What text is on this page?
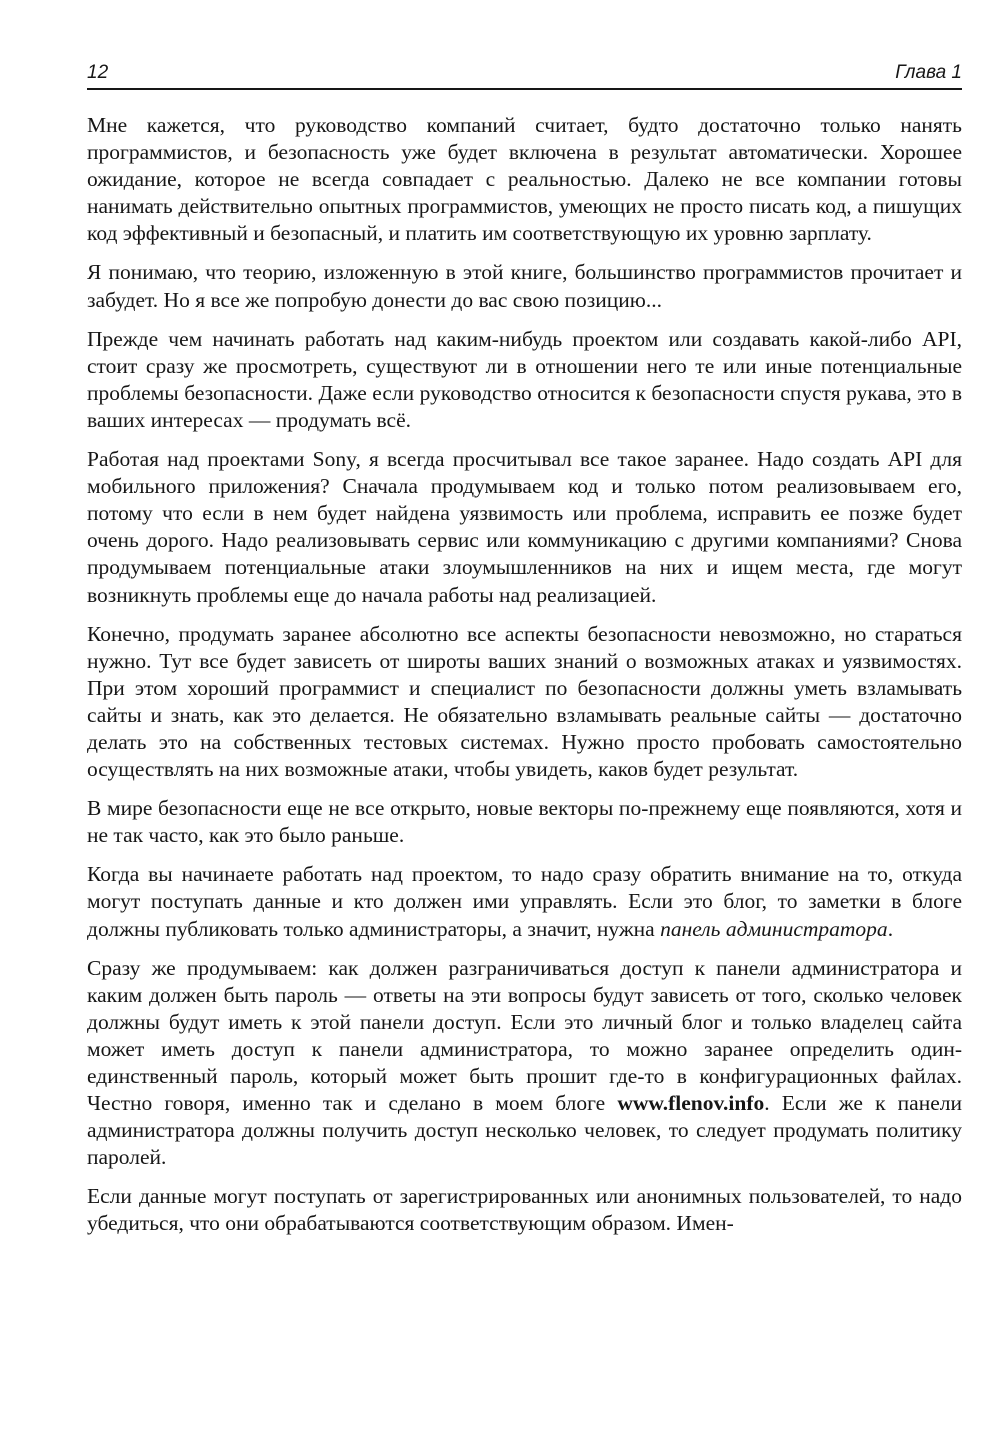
12	Глава 1

Мне кажется, что руководство компаний считает, будто достаточно только нанять программистов, и безопасность уже будет включена в результат автоматически. Хорошее ожидание, которое не всегда совпадает с реальностью. Далеко не все компании готовы нанимать действительно опытных программистов, умеющих не просто писать код, а пишущих код эффективный и безопасный, и платить им соответствующую их уровню зарплату.

Я понимаю, что теорию, изложенную в этой книге, большинство программистов прочитает и забудет. Но я все же попробую донести до вас свою позицию...

Прежде чем начинать работать над каким-нибудь проектом или создавать какой-либо API, стоит сразу же просмотреть, существуют ли в отношении него те или иные потенциальные проблемы безопасности. Даже если руководство относится к безопасности спустя рукава, это в ваших интересах — продумать всё.

Работая над проектами Sony, я всегда просчитывал все такое заранее. Надо создать API для мобильного приложения? Сначала продумываем код и только потом реализовываем его, потому что если в нем будет найдена уязвимость или проблема, исправить ее позже будет очень дорого. Надо реализовывать сервис или коммуникацию с другими компаниями? Снова продумываем потенциальные атаки злоумышленников на них и ищем места, где могут возникнуть проблемы еще до начала работы над реализацией.

Конечно, продумать заранее абсолютно все аспекты безопасности невозможно, но стараться нужно. Тут все будет зависеть от широты ваших знаний о возможных атаках и уязвимостях. При этом хороший программист и специалист по безопасности должны уметь взламывать сайты и знать, как это делается. Не обязательно взламывать реальные сайты — достаточно делать это на собственных тестовых системах. Нужно просто пробовать самостоятельно осуществлять на них возможные атаки, чтобы увидеть, каков будет результат.

В мире безопасности еще не все открыто, новые векторы по-прежнему еще появляются, хотя и не так часто, как это было раньше.

Когда вы начинаете работать над проектом, то надо сразу обратить внимание на то, откуда могут поступать данные и кто должен ими управлять. Если это блог, то заметки в блоге должны публиковать только администраторы, а значит, нужна панель администратора.

Сразу же продумываем: как должен разграничиваться доступ к панели администратора и каким должен быть пароль — ответы на эти вопросы будут зависеть от того, сколько человек должны будут иметь к этой панели доступ. Если это личный блог и только владелец сайта может иметь доступ к панели администратора, то можно заранее определить один-единственный пароль, который может быть прошит где-то в конфигурационных файлах. Честно говоря, именно так и сделано в моем блоге www.flenov.info. Если же к панели администратора должны получить доступ несколько человек, то следует продумать политику паролей.

Если данные могут поступать от зарегистрированных или анонимных пользователей, то надо убедиться, что они обрабатываются соответствующим образом. Имен-
